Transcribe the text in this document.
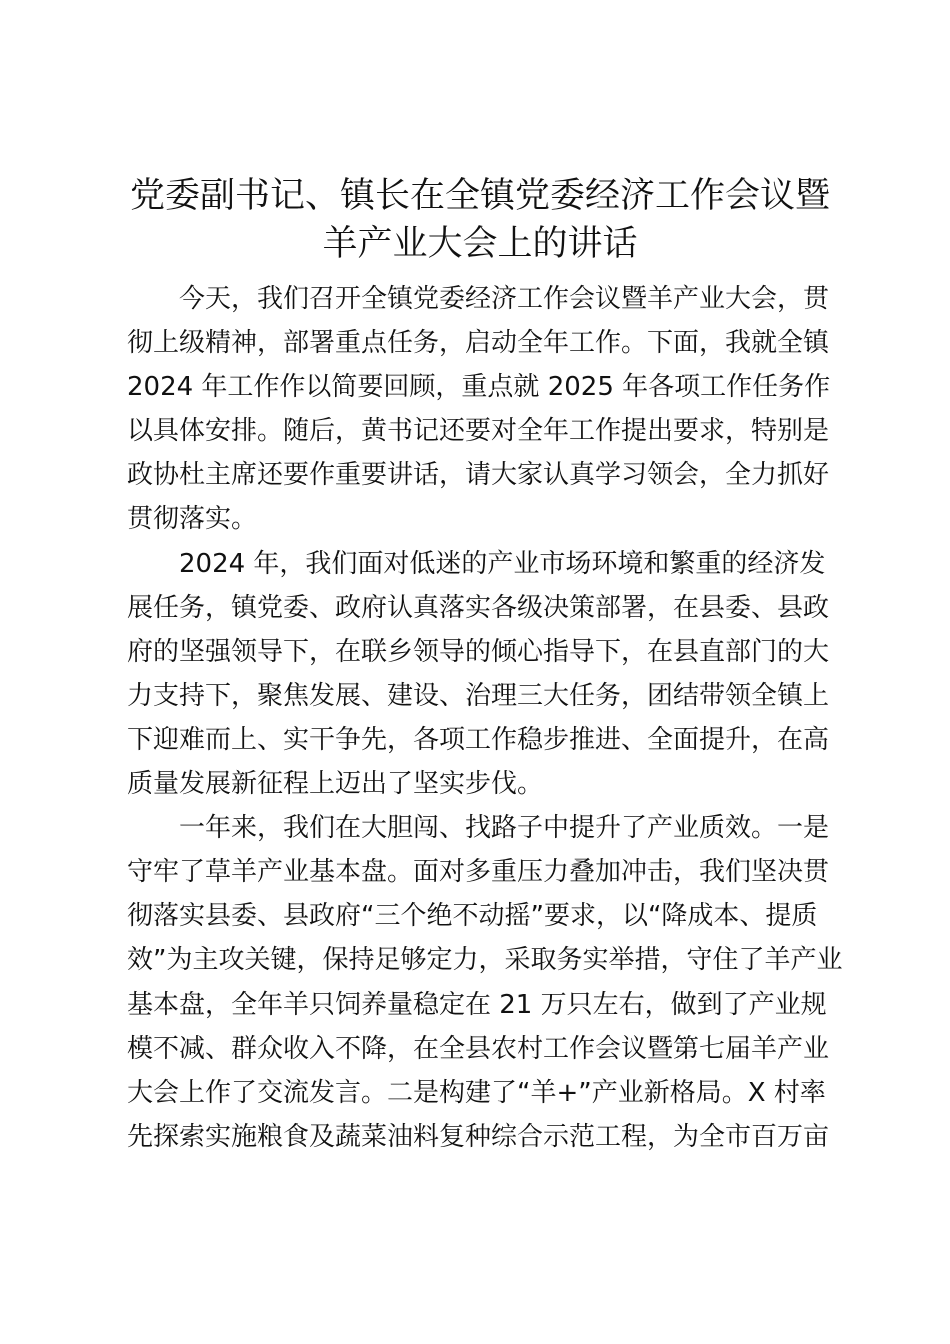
党委副书记、镇长在全镇党委经济工作会议暨
羊产业大会上的讲话
今天，我们召开全镇党委经济工作会议暨羊产业大会，贯
彻上级精神，部署重点任务，启动全年工作。下面，我就全镇
2024 年工作作以简要回顾，重点就 2025 年各项工作任务作
以具体安排。随后，黄书记还要对全年工作提出要求，特别是
政协杜主席还要作重要讲话，请大家认真学习领会，全力抓好
贯彻落实。
2024 年，我们面对低迷的产业市场环境和繁重的经济发
展任务，镇党委、政府认真落实各级决策部署，在县委、县政
府的坚强领导下，在联乡领导的倾心指导下，在县直部门的大
力支持下，聚焦发展、建设、治理三大任务，团结带领全镇上
下迎难而上、实干争先，各项工作稳步推进、全面提升，在高
质量发展新征程上迈出了坚实步伐。
一年来，我们在大胆闯、找路子中提升了产业质效。一是
守牢了草羊产业基本盘。面对多重压力叠加冲击，我们坚决贯
彻落实县委、县政府“三个绝不动摇”要求，以“降成本、提质
效”为主攻关键，保持足够定力，采取务实举措，守住了羊产业
基本盘，全年羊只饲养量稳定在 21 万只左右，做到了产业规
模不减、群众收入不降，在全县农村工作会议暨第七届羊产业
大会上作了交流发言。二是构建了“羊+”产业新格局。X 村率
先探索实施粮食及蔬菜油料复种综合示范工程，为全市百万亩
